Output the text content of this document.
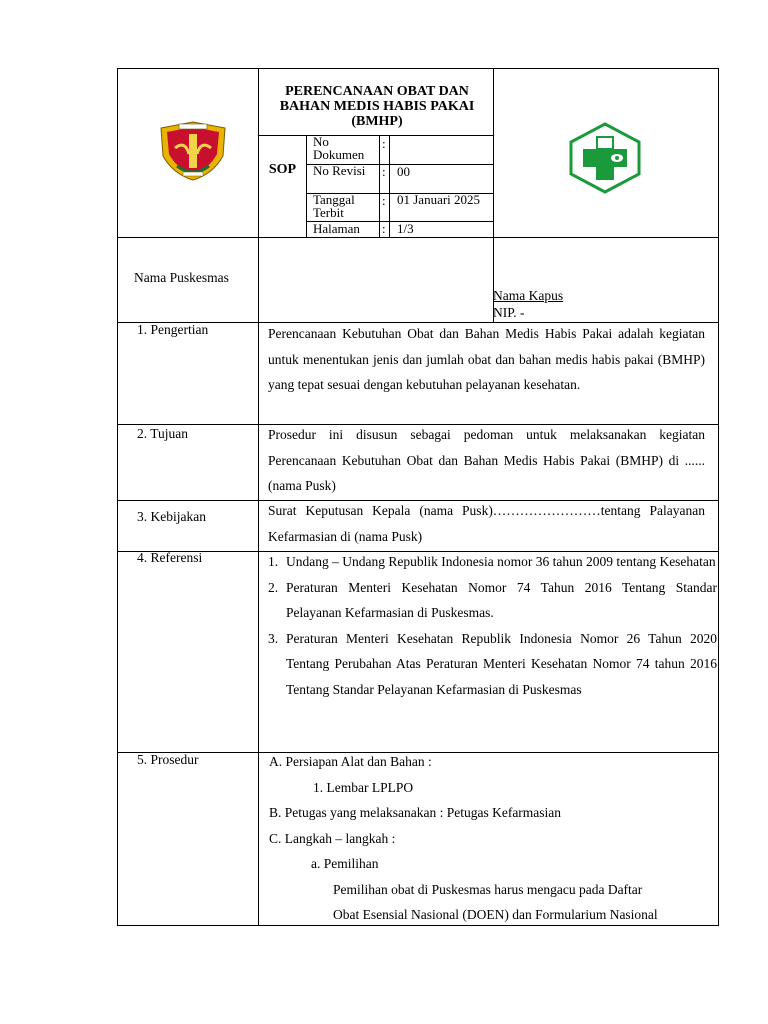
PERENCANAAN OBAT DAN
BAHAN MEDIS HABIS PAKAI
(BMHP)
SOP
No Dokumen
:
No Revisi	: 00
Tanggal Terbit
: 01 Januari 2025
Halaman : 1/3
Nama Puskesmas
Nama Kapus
NIP. -
1. Pengertian	Perencanaan Kebutuhan Obat dan Bahan Medis Habis Pakai adalah kegiatan untuk menentukan jenis dan jumlah obat dan bahan medis habis pakai (BMHP) yang tepat sesuai dengan kebutuhan pelayanan kesehatan.
2. Tujuan	Prosedur ini disusun sebagai pedoman untuk melaksanakan kegiatan Perencanaan Kebutuhan Obat dan Bahan Medis Habis Pakai (BMHP) di ......(nama Pusk)
3. Kebijakan	Surat Keputusan Kepala (nama Pusk)……………………tentang Palayanan Kefarmasian di (nama Pusk)
4. Referensi	1. Undang – Undang Republik Indonesia nomor 36 tahun 2009 tentang Kesehatan
2. Peraturan Menteri Kesehatan Nomor 74 Tahun 2016 Tentang Standar Pelayanan Kefarmasian di Puskesmas.
3. Peraturan Menteri Kesehatan Republik Indonesia Nomor 26 Tahun 2020 Tentang Perubahan Atas Peraturan Menteri Kesehatan Nomor 74 tahun 2016 Tentang Standar Pelayanan Kefarmasian di Puskesmas
5. Prosedur	A. Persiapan Alat dan Bahan :
1. Lembar LPLPO
B. Petugas yang melaksanakan : Petugas Kefarmasian
C. Langkah – langkah :
a. Pemilihan
Pemilihan obat di Puskesmas harus mengacu pada Daftar
Obat Esensial Nasional (DOEN) dan Formularium Nasional
